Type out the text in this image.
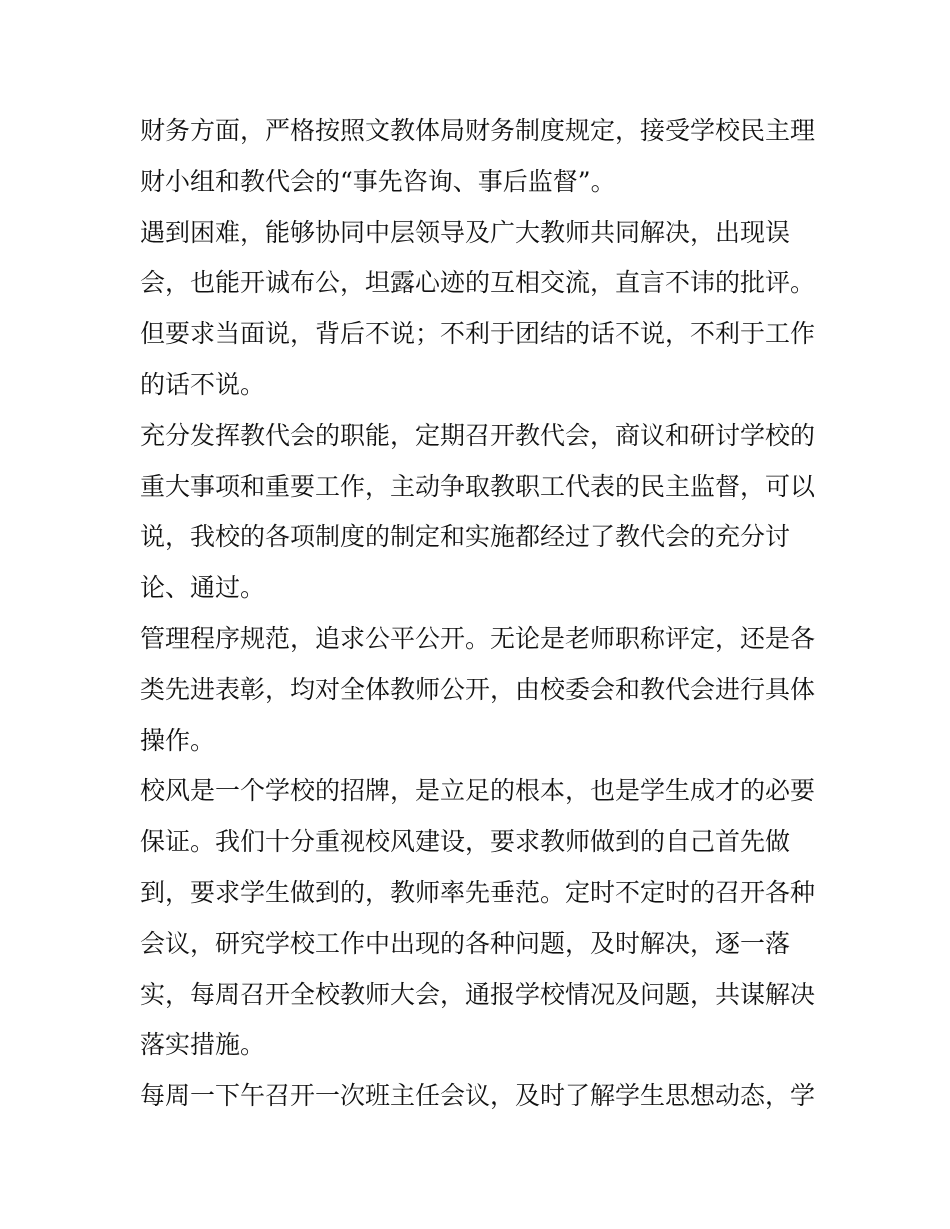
财务方面，严格按照文教体局财务制度规定，接受学校民主理
财小组和教代会的“事先咨询、事后监督”。
遇到困难，能够协同中层领导及广大教师共同解决，出现误
会，也能开诚布公，坦露心迹的互相交流，直言不讳的批评。
但要求当面说，背后不说；不利于团结的话不说，不利于工作
的话不说。
充分发挥教代会的职能，定期召开教代会，商议和研讨学校的
重大事项和重要工作，主动争取教职工代表的民主监督，可以
说，我校的各项制度的制定和实施都经过了教代会的充分讨
论、通过。
管理程序规范，追求公平公开。无论是老师职称评定，还是各
类先进表彰，均对全体教师公开，由校委会和教代会进行具体
操作。
校风是一个学校的招牌，是立足的根本，也是学生成才的必要
保证。我们十分重视校风建设，要求教师做到的自己首先做
到，要求学生做到的，教师率先垂范。定时不定时的召开各种
会议，研究学校工作中出现的各种问题，及时解决，逐一落
实，每周召开全校教师大会，通报学校情况及问题，共谋解决
落实措施。
每周一下午召开一次班主任会议，及时了解学生思想动态，学
